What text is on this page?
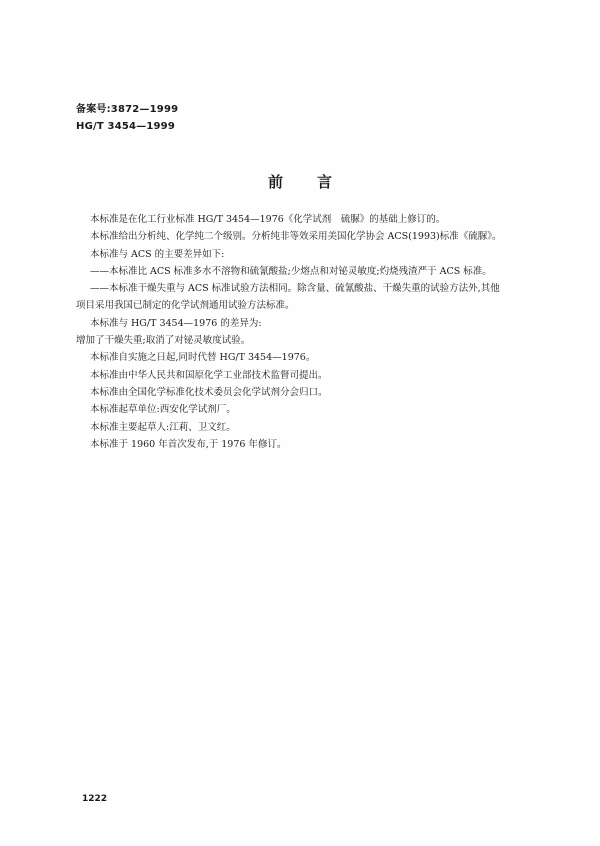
备案号:3872—1999
HG/T 3454—1999
前言

本标准是在化工行业标准 HG/T 3454—1976《化学试剂　硫脲》的基础上修订的。

本标准给出分析纯、化学纯二个级别。分析纯非等效采用美国化学协会 ACS(1993)标准《硫脲》。

本标准与 ACS 的主要差异如下:

——本标准比 ACS 标准多水不溶物和硫氰酸盐;少熔点和对铋灵敏度;灼烧残渣严于 ACS 标准。

——本标准干燥失重与 ACS 标准试验方法相同。除含量、硫氰酸盐、干燥失重的试验方法外,其他

项目采用我国已制定的化学试剂通用试验方法标准。

本标准与 HG/T 3454—1976 的差异为:

增加了干燥失重;取消了对铋灵敏度试验。

本标准自实施之日起,同时代替 HG/T 3454—1976。

本标准由中华人民共和国原化学工业部技术监督司提出。

本标准由全国化学标准化技术委员会化学试剂分会归口。

本标准起草单位:西安化学试剂厂。

本标准主要起草人:江莉、卫文红。

本标准于 1960 年首次发布,于 1976 年修订。

1222
